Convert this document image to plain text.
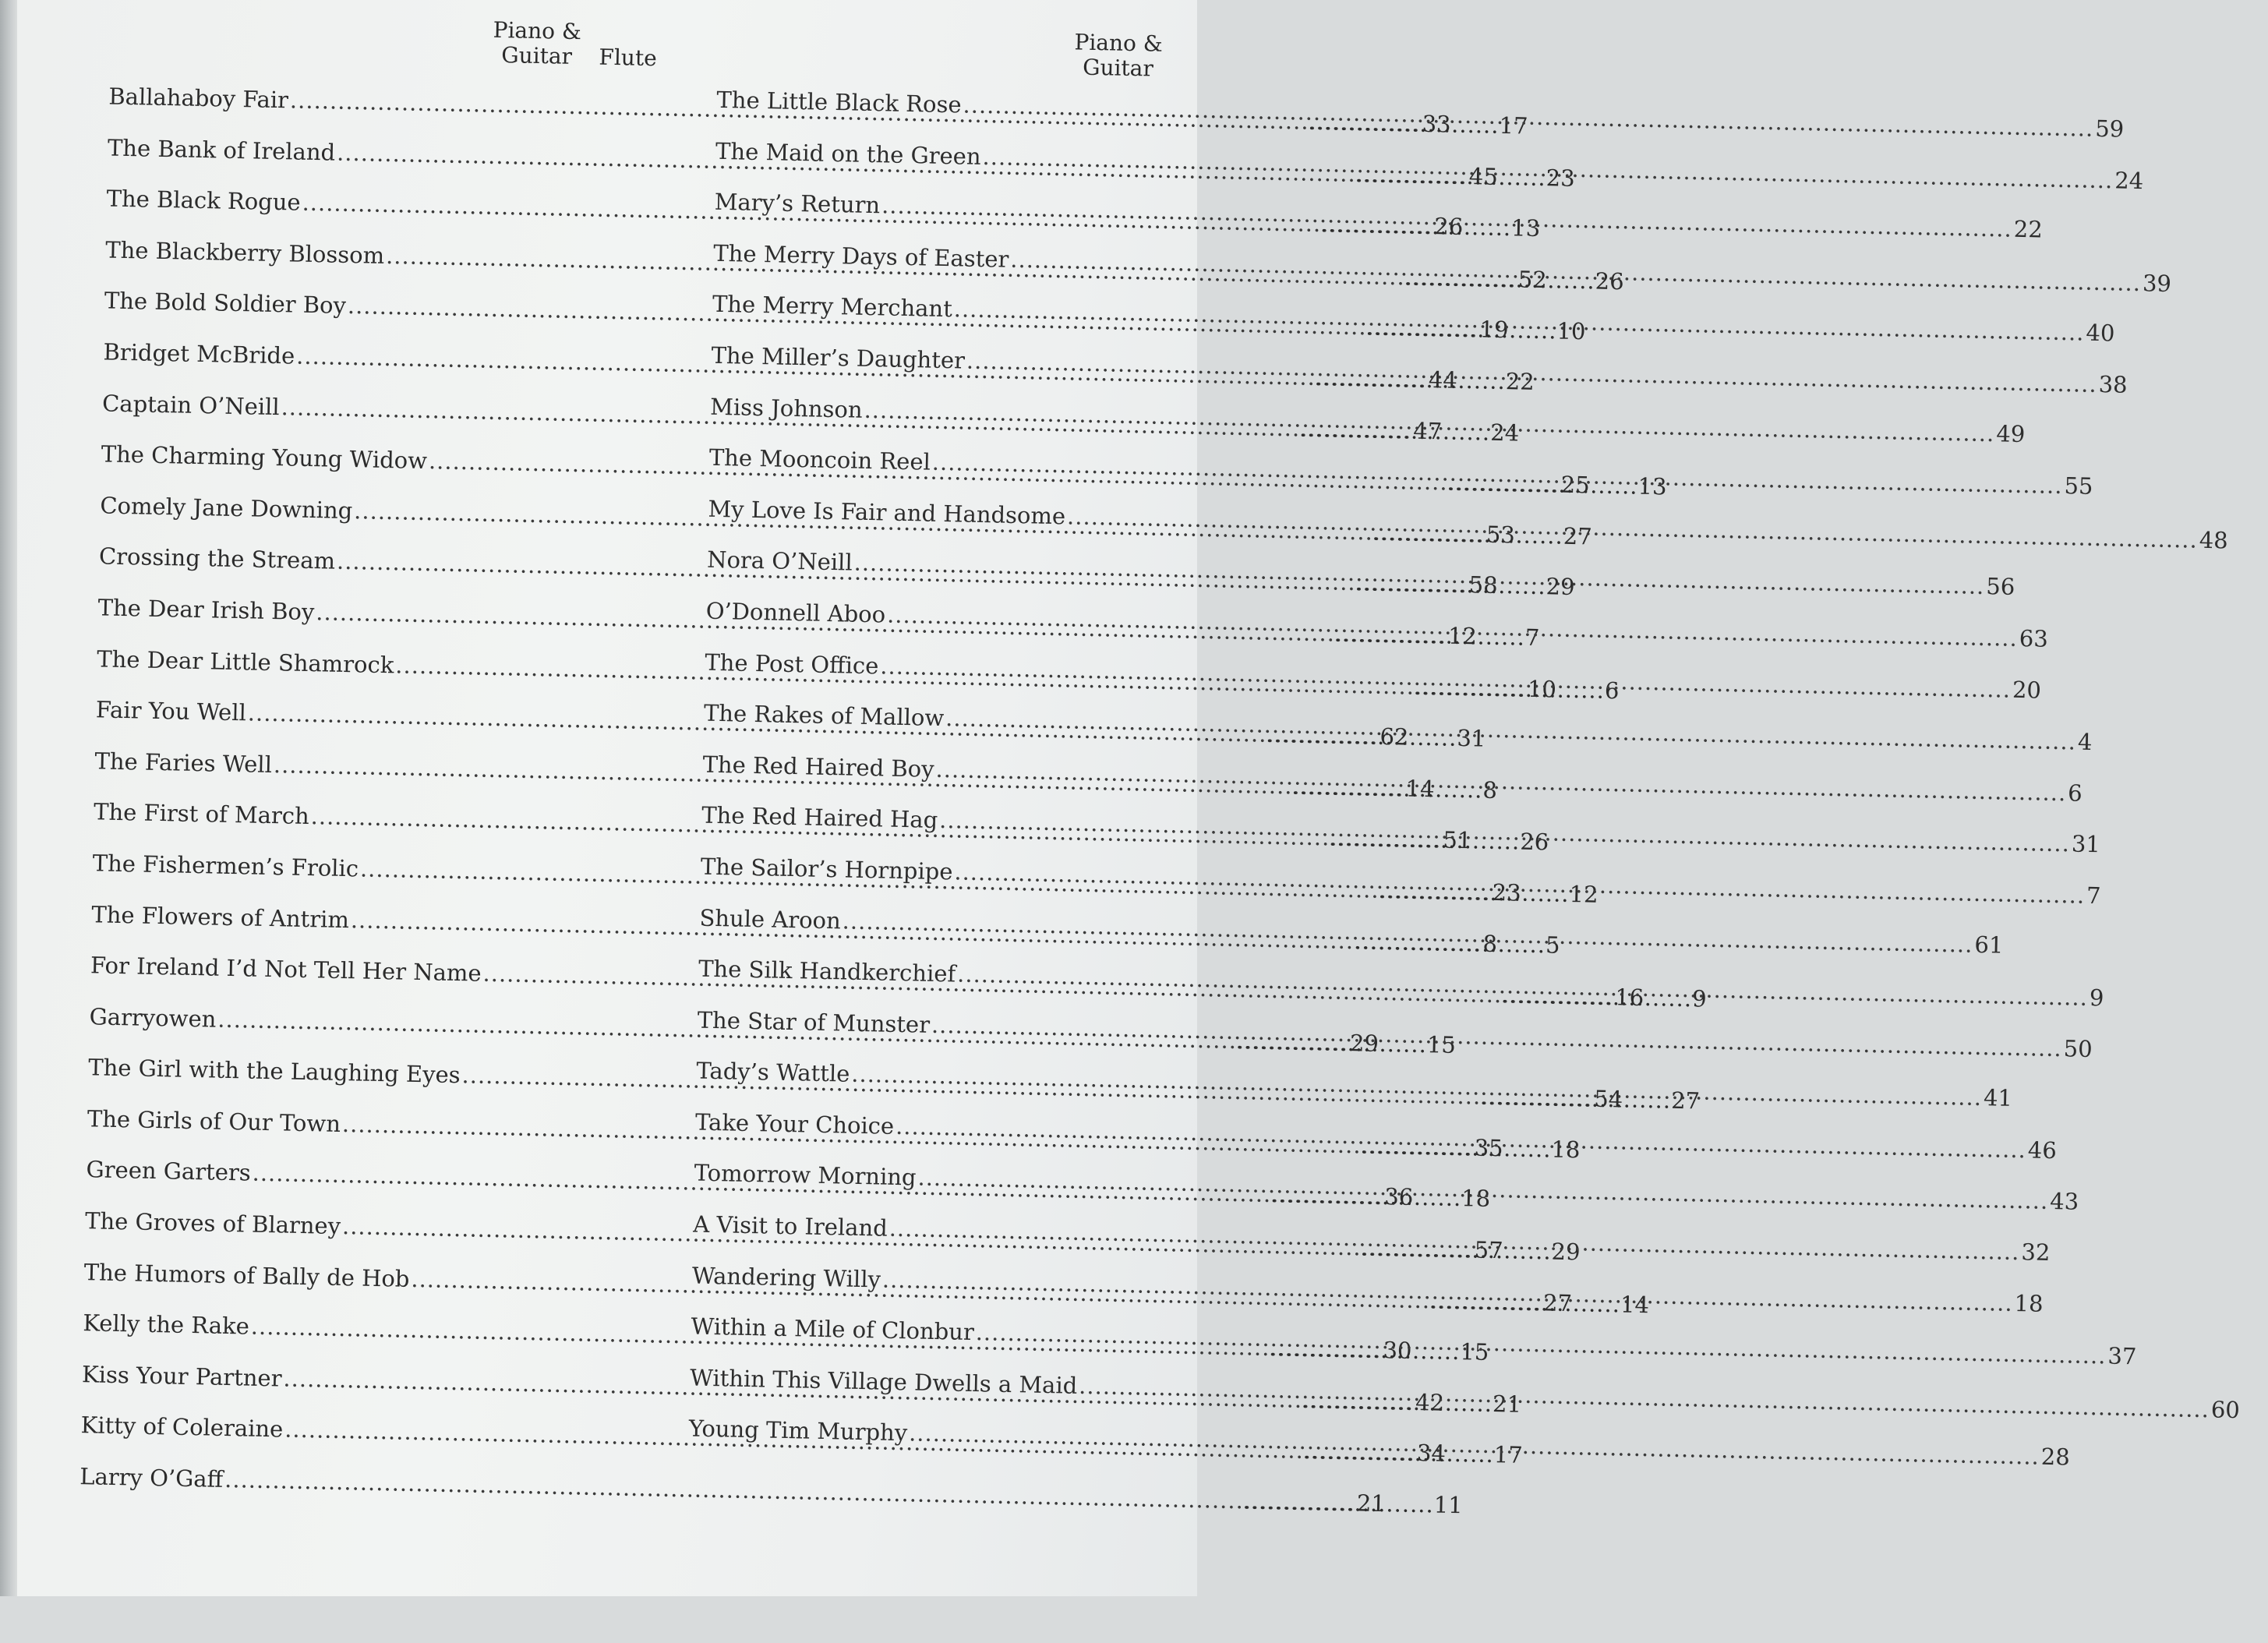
Piano &
Guitar	Flute
Piano &
Guitar
Ballahaboy Fair
.....
33 ..... 17
The Bank of Ireland
.....
45 ..... 23
The Black Rogue
.....
26 ..... 13
The Blackberry Blossom
.....
52 ..... 26
The Bold Soldier Boy
.....
19 ..... 10
Bridget McBride
.....
44 ..... 22
Captain O’Neill
.....
47 ..... 24
The Charming Young Widow
.....
25 ..... 13
Comely Jane Downing
.....
53 ..... 27
Crossing the Stream
.....
58 ..... 29
The Dear Irish Boy
.....
12 ..... 7
The Dear Little Shamrock
.....
10 ..... 6
Fair You Well
.....
62 ..... 31
The Faries Well
.....
14 ..... 8
The First of March
.....
51 ..... 26
The Fishermen’s Frolic
.....
23 ..... 12
The Flowers of Antrim
.....
8 ..... 5
For Ireland I’d Not Tell Her Name
.....
16 ..... 9
Garryowen
.....
29 ..... 15
The Girl with the Laughing Eyes
.....
54 ..... 27
The Girls of Our Town
.....
35 ..... 18
Green Garters
.....
36 ..... 18
The Groves of Blarney
.....
57 ..... 29
The Humors of Bally de Hob
.....
27 ..... 14
Kelly the Rake
.....
30 ..... 15
Kiss Your Partner
.....
42 ..... 21
Kitty of Coleraine
.....
34 ..... 17
Larry O’Gaff
.....
21 ..... 11
The Little Black Rose
.....
59
The Maid on the Green
.....
24
Mary’s Return
.....
22
The Merry Days of Easter
.....
39
The Merry Merchant
.....
40
The Miller’s Daughter
.....
38
Miss Johnson
.....
49
The Mooncoin Reel
.....
55
My Love Is Fair and Handsome
.....
48
Nora O’Neill
.....
56
O’Donnell Aboo
.....
63
The Post Office
.....
20
The Rakes of Mallow
.....
4
The Red Haired Boy
.....
6
The Red Haired Hag
.....
31
The Sailor’s Hornpipe
.....
7
Shule Aroon
.....
61
The Silk Handkerchief
.....
9
The Star of Munster
.....
50
Tady’s Wattle
.....
41
Take Your Choice
.....
46
Tomorrow Morning
.....
43
A Visit to Ireland
.....
32
Wandering Willy
.....
18
Within a Mile of Clonbur
.....
37
Within This Village Dwells a Maid
.....
60
Young Tim Murphy
.....
28
